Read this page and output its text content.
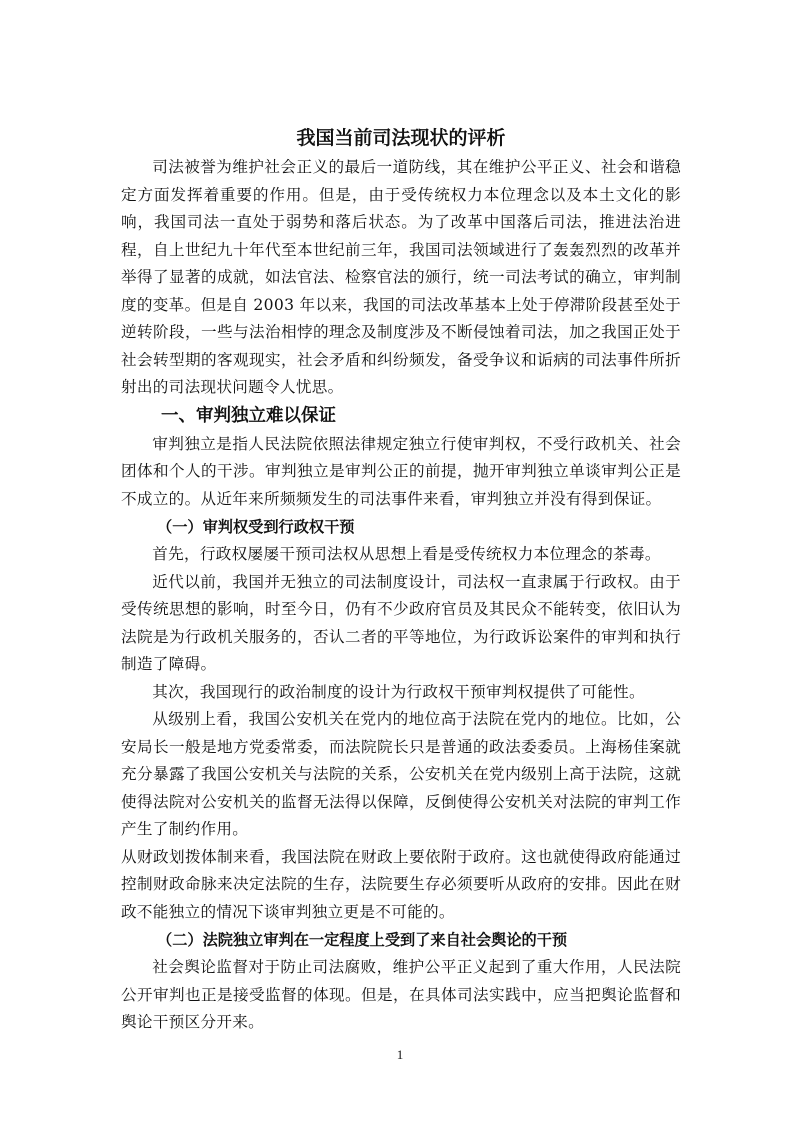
我国当前司法现状的评析

司法被誉为维护社会正义的最后一道防线，其在维护公平正义、社会和谐稳定方面发挥着重要的作用。但是，由于受传统权力本位理念以及本土文化的影响，我国司法一直处于弱势和落后状态。为了改革中国落后司法，推进法治进程，自上世纪九十年代至本世纪前三年，我国司法领域进行了轰轰烈烈的改革并举得了显著的成就，如法官法、检察官法的颁行，统一司法考试的确立，审判制度的变革。但是自 2003 年以来，我国的司法改革基本上处于停滞阶段甚至处于逆转阶段，一些与法治相悖的理念及制度涉及不断侵蚀着司法，加之我国正处于社会转型期的客观现实，社会矛盾和纠纷频发，备受争议和诟病的司法事件所折射出的司法现状问题令人忧思。

一、审判独立难以保证

审判独立是指人民法院依照法律规定独立行使审判权，不受行政机关、社会团体和个人的干涉。审判独立是审判公正的前提，抛开审判独立单谈审判公正是不成立的。从近年来所频频发生的司法事件来看，审判独立并没有得到保证。

（一）审判权受到行政权干预

首先，行政权屡屡干预司法权从思想上看是受传统权力本位理念的茶毒。

近代以前，我国并无独立的司法制度设计，司法权一直隶属于行政权。由于受传统思想的影响，时至今日，仍有不少政府官员及其民众不能转变，依旧认为法院是为行政机关服务的，否认二者的平等地位，为行政诉讼案件的审判和执行制造了障碍。

其次，我国现行的政治制度的设计为行政权干预审判权提供了可能性。

从级别上看，我国公安机关在党内的地位高于法院在党内的地位。比如，公安局长一般是地方党委常委，而法院院长只是普通的政法委委员。上海杨佳案就充分暴露了我国公安机关与法院的关系，公安机关在党内级别上高于法院，这就使得法院对公安机关的监督无法得以保障，反倒使得公安机关对法院的审判工作产生了制约作用。

从财政划拨体制来看，我国法院在财政上要依附于政府。这也就使得政府能通过控制财政命脉来决定法院的生存，法院要生存必须要听从政府的安排。因此在财政不能独立的情况下谈审判独立更是不可能的。

（二）法院独立审判在一定程度上受到了来自社会舆论的干预

社会舆论监督对于防止司法腐败，维护公平正义起到了重大作用，人民法院公开审判也正是接受监督的体现。但是，在具体司法实践中，应当把舆论监督和舆论干预区分开来。

1
